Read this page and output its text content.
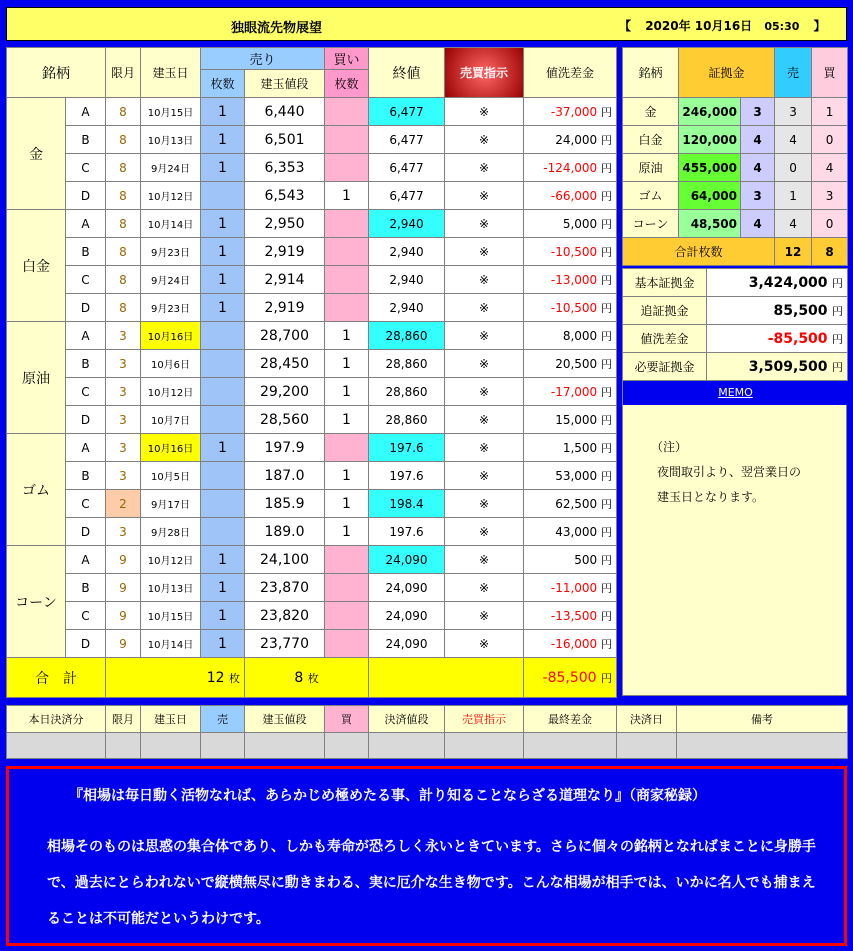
独眼流先物展望	【 2020年 10月16日 05:30 】
銘柄		限月	建玉日	売り		買い	終値	売買指示	値洗差金
				枚数	建玉値段	枚数			
金	A	8	10月15日	1	6,440		6,477	※	-37,000 円
	B	8	10月13日	1	6,501		6,477	※	24,000 円
	C	8	9月24日	1	6,353		6,477	※	-124,000 円
	D	8	10月12日		6,543	1	6,477	※	-66,000 円
白金	A	8	10月14日	1	2,950		2,940	※	5,000 円
	B	8	9月23日	1	2,919		2,940	※	-10,500 円
	C	8	9月24日	1	2,914		2,940	※	-13,000 円
	D	8	9月23日	1	2,919		2,940	※	-10,500 円
原油	A	3	10月16日		28,700	1	28,860	※	8,000 円
	B	3	10月6日		28,450	1	28,860	※	20,500 円
	C	3	10月12日		29,200	1	28,860	※	-17,000 円
	D	3	10月7日		28,560	1	28,860	※	15,000 円
ゴム	A	3	10月16日	1	197.9		197.6	※	1,500 円
	B	3	10月5日		187.0	1	197.6	※	53,000 円
	C	2	9月17日		185.9	1	198.4	※	62,500 円
	D	3	9月28日		189.0	1	197.6	※	43,000 円
コーン	A	9	10月12日	1	24,100		24,090	※	500 円
	B	9	10月13日	1	23,870		24,090	※	-11,000 円
	C	9	10月15日	1	23,820		24,090	※	-13,500 円
	D	9	10月14日	1	23,770		24,090	※	-16,000 円
合　計		12 枚			8 枚				-85,500 円
銘柄	証拠金		売	買
金	246,000	3	3	1
白金	120,000	4	4	0
原油	455,000	4	0	4
ゴム	64,000	3	1	3
コーン	48,500	4	4	0
合計枚数			12	8
基本証拠金	3,424,000 円
追証拠金	85,500 円
値洗差金	-85,500 円
必要証拠金	3,509,500 円
MEMO
（注）
夜間取引より、翌営業日の
建玉日となります。
本日決済分	限月	建玉日	売	建玉値段	買	決済値段	売買指示	最終差金	決済日	備考

『相場は毎日動く活物なれば、あらかじめ極めたる事、計り知ることならざる道理なり』（商家秘録）
相場そのものは思惑の集合体であり、しかも寿命が恐ろしく永いときています。さらに個々の銘柄となればまことに身勝手で、過去にとらわれないで縦横無尽に動きまわる、実に厄介な生き物です。こんな相場が相手では、いかに名人でも捕まえることは不可能だというわけです。
